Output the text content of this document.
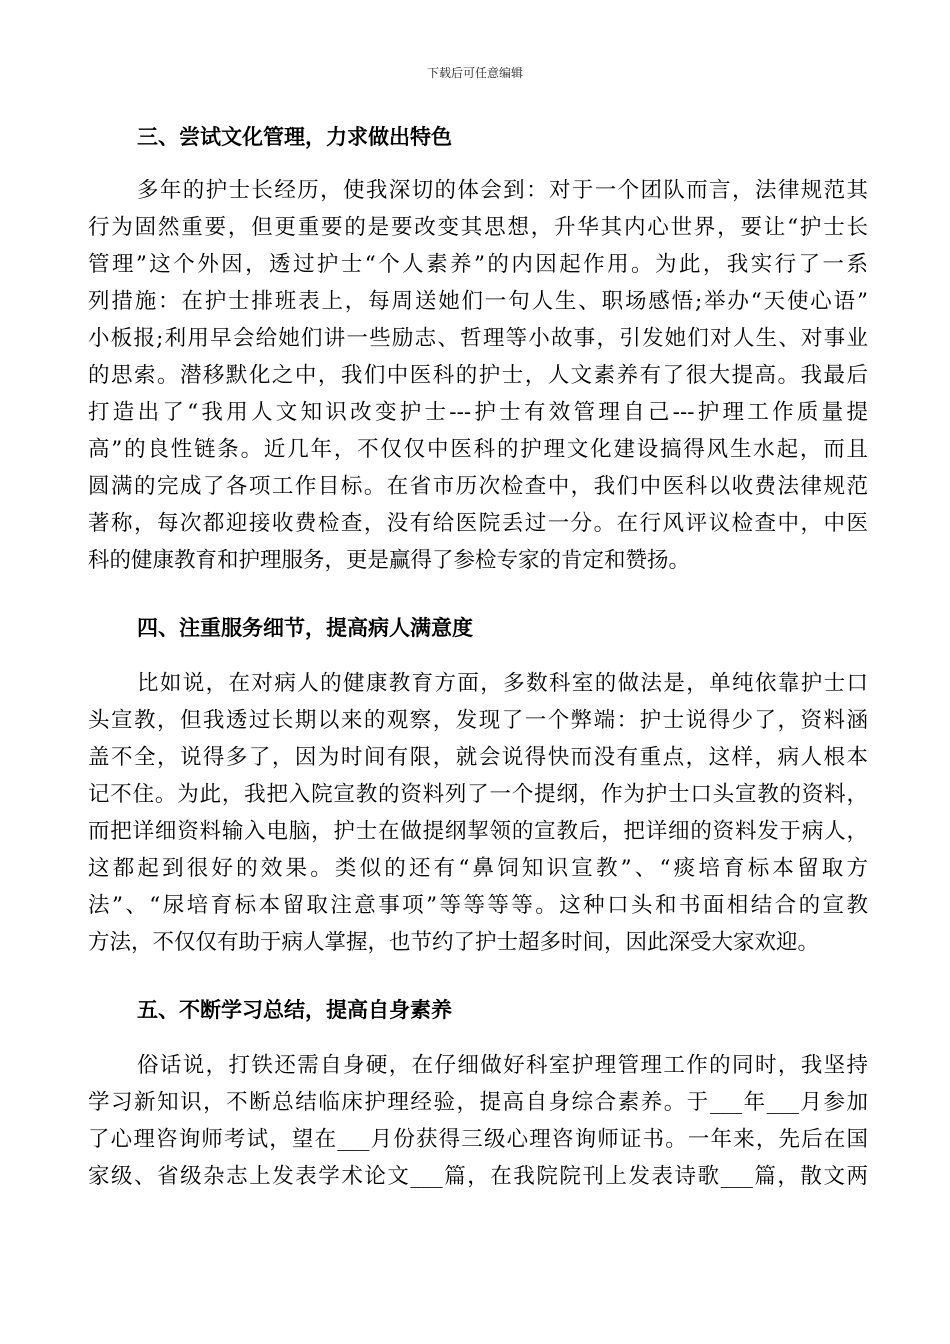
下载后可任意编辑
三、尝试文化管理，力求做出特色
多年的护士长经历，使我深切的体会到：对于一个团队而言，法律规范其
行为固然重要，但更重要的是要改变其思想，升华其内心世界，要让“护士长
管理”这个外因，透过护士“个人素养”的内因起作用。为此，我实行了一系
列措施：在护士排班表上，每周送她们一句人生、职场感悟;举办“天使心语”
小板报;利用早会给她们讲一些励志、哲理等小故事，引发她们对人生、对事业
的思索。潜移默化之中，我们中医科的护士，人文素养有了很大提高。我最后
打造出了“我用人文知识改变护士---护士有效管理自己---护理工作质量提
高”的良性链条。近几年，不仅仅中医科的护理文化建设搞得风生水起，而且
圆满的完成了各项工作目标。在省市历次检查中，我们中医科以收费法律规范
著称，每次都迎接收费检查，没有给医院丢过一分。在行风评议检查中，中医
科的健康教育和护理服务，更是赢得了参检专家的肯定和赞扬。
四、注重服务细节，提高病人满意度
比如说，在对病人的健康教育方面，多数科室的做法是，单纯依靠护士口
头宣教，但我透过长期以来的观察，发现了一个弊端：护士说得少了，资料涵
盖不全，说得多了，因为时间有限，就会说得快而没有重点，这样，病人根本
记不住。为此，我把入院宣教的资料列了一个提纲，作为护士口头宣教的资料，
而把详细资料输入电脑，护士在做提纲挈领的宣教后，把详细的资料发于病人，
这都起到很好的效果。类似的还有“鼻饲知识宣教”、“痰培育标本留取方
法”、“尿培育标本留取注意事项”等等等等。这种口头和书面相结合的宣教
方法，不仅仅有助于病人掌握，也节约了护士超多时间，因此深受大家欢迎。
五、不断学习总结，提高自身素养
俗话说，打铁还需自身硬，在仔细做好科室护理管理工作的同时，我坚持
学习新知识，不断总结临床护理经验，提高自身综合素养。于___年___月参加
了心理咨询师考试，望在___月份获得三级心理咨询师证书。一年来，先后在国
家级、省级杂志上发表学术论文___篇，在我院院刊上发表诗歌___篇，散文两
